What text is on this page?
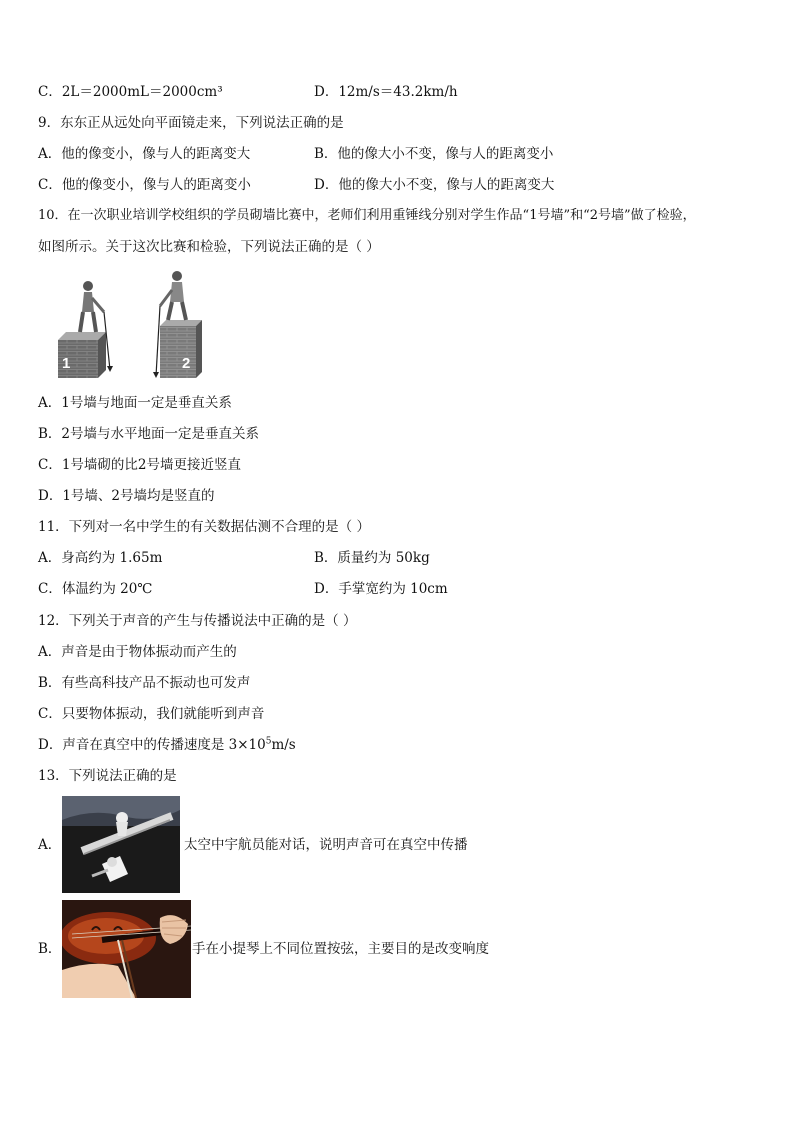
C．2L＝2000mL＝2000cm³	D．12m/s＝43.2km/h
9．东东正从远处向平面镜走来，下列说法正确的是
A．他的像变小，像与人的距离变大	B．他的像大小不变，像与人的距离变小
C．他的像变小，像与人的距离变小	D．他的像大小不变，像与人的距离变大
10．在一次职业培训学校组织的学员砌墙比赛中，老师们利用重锤线分别对学生作品“1号墙”和“2号墙”做了检验，
如图所示。关于这次比赛和检验，下列说法正确的是（ ）
1	2
A．1号墙与地面一定是垂直关系
B．2号墙与水平地面一定是垂直关系
C．1号墙砌的比2号墙更接近竖直
D．1号墙、2号墙均是竖直的
11．下列对一名中学生的有关数据估测不合理的是（ ）
A．身高约为 1.65m	B．质量约为 50kg
C．体温约为 20℃	D．手掌宽约为 10cm
12．下列关于声音的产生与传播说法中正确的是（ ）
A．声音是由于物体振动而产生的
B．有些高科技产品不振动也可发声
C．只要物体振动，我们就能听到声音
D．声音在真空中的传播速度是 $3\times 10^5m/s$
13．下列说法正确的是
A．	太空中宇航员能对话，说明声音可在真空中传播
B．	手在小提琴上不同位置按弦，主要目的是改变响度
